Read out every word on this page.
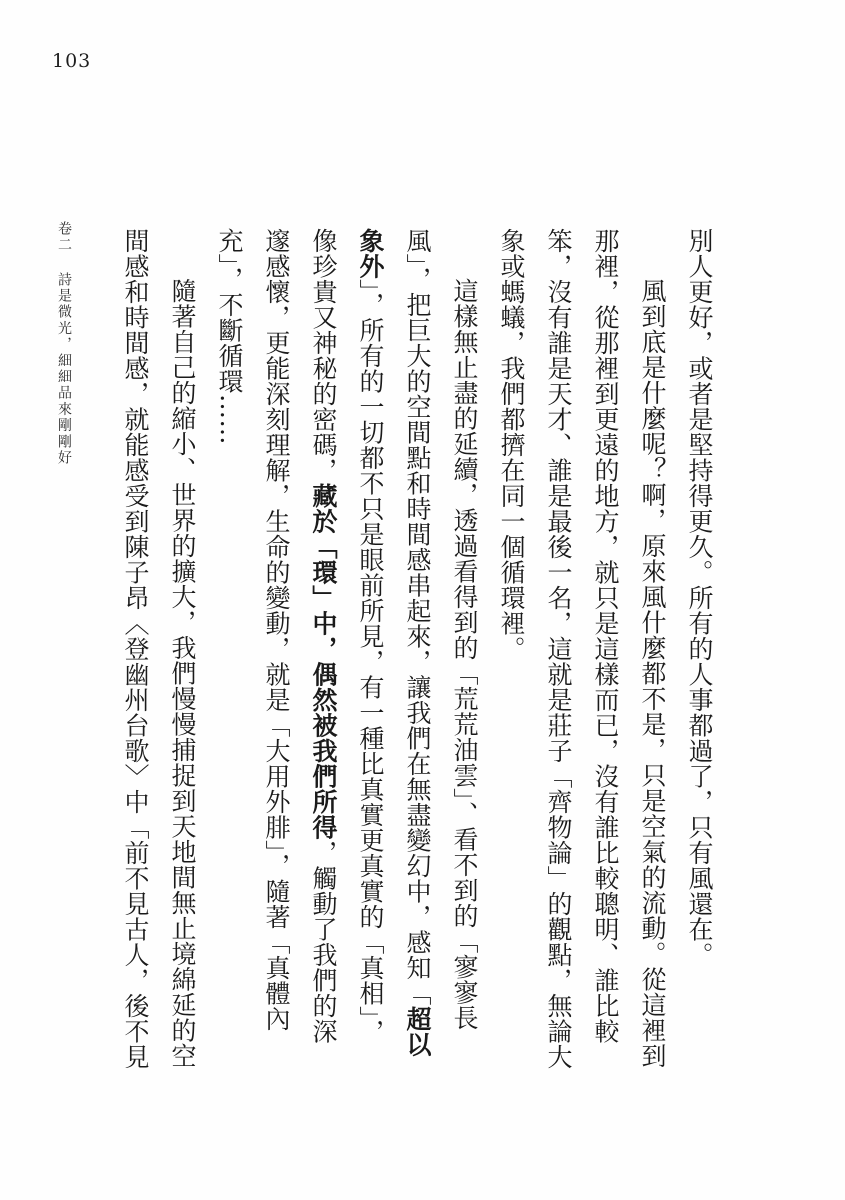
103
卷二
詩是微光，細細品來剛剛好	別人更好，或者是堅持得更久。所有的人事都過了，只有風還在。
風到底是什麼呢？啊，原來風什麼都不是，只是空氣的流動。從這裡到
那裡，從那裡到更遠的地方，就只是這樣而已，沒有誰比較聰明、誰比較
笨，沒有誰是天才、誰是最後一名，這就是莊子「齊物論」的觀點，無論大
象或螞蟻，我們都擠在同一個循環裡。
這樣無止盡的延續，透過看得到的「荒荒油雲」、看不到的「寥寥長
風」，把巨大的空間點和時間感串起來，讓我們在無盡變幻中，感知「超以
象外」，所有的一切都不只是眼前所見，有一種比真實更真實的「真相」，
像珍貴又神秘的密碼，藏於「環」中，偶然被我們所得，觸動了我們的深
邃感懷，更能深刻理解，生命的變動，就是「大用外腓」，隨著「真體內
充」，不斷循環……
隨著自己的縮小、世界的擴大，我們慢慢捕捉到天地間無止境綿延的空
間感和時間感，就能感受到陳子昂〈登幽州台歌〉中「前不見古人，後不見
